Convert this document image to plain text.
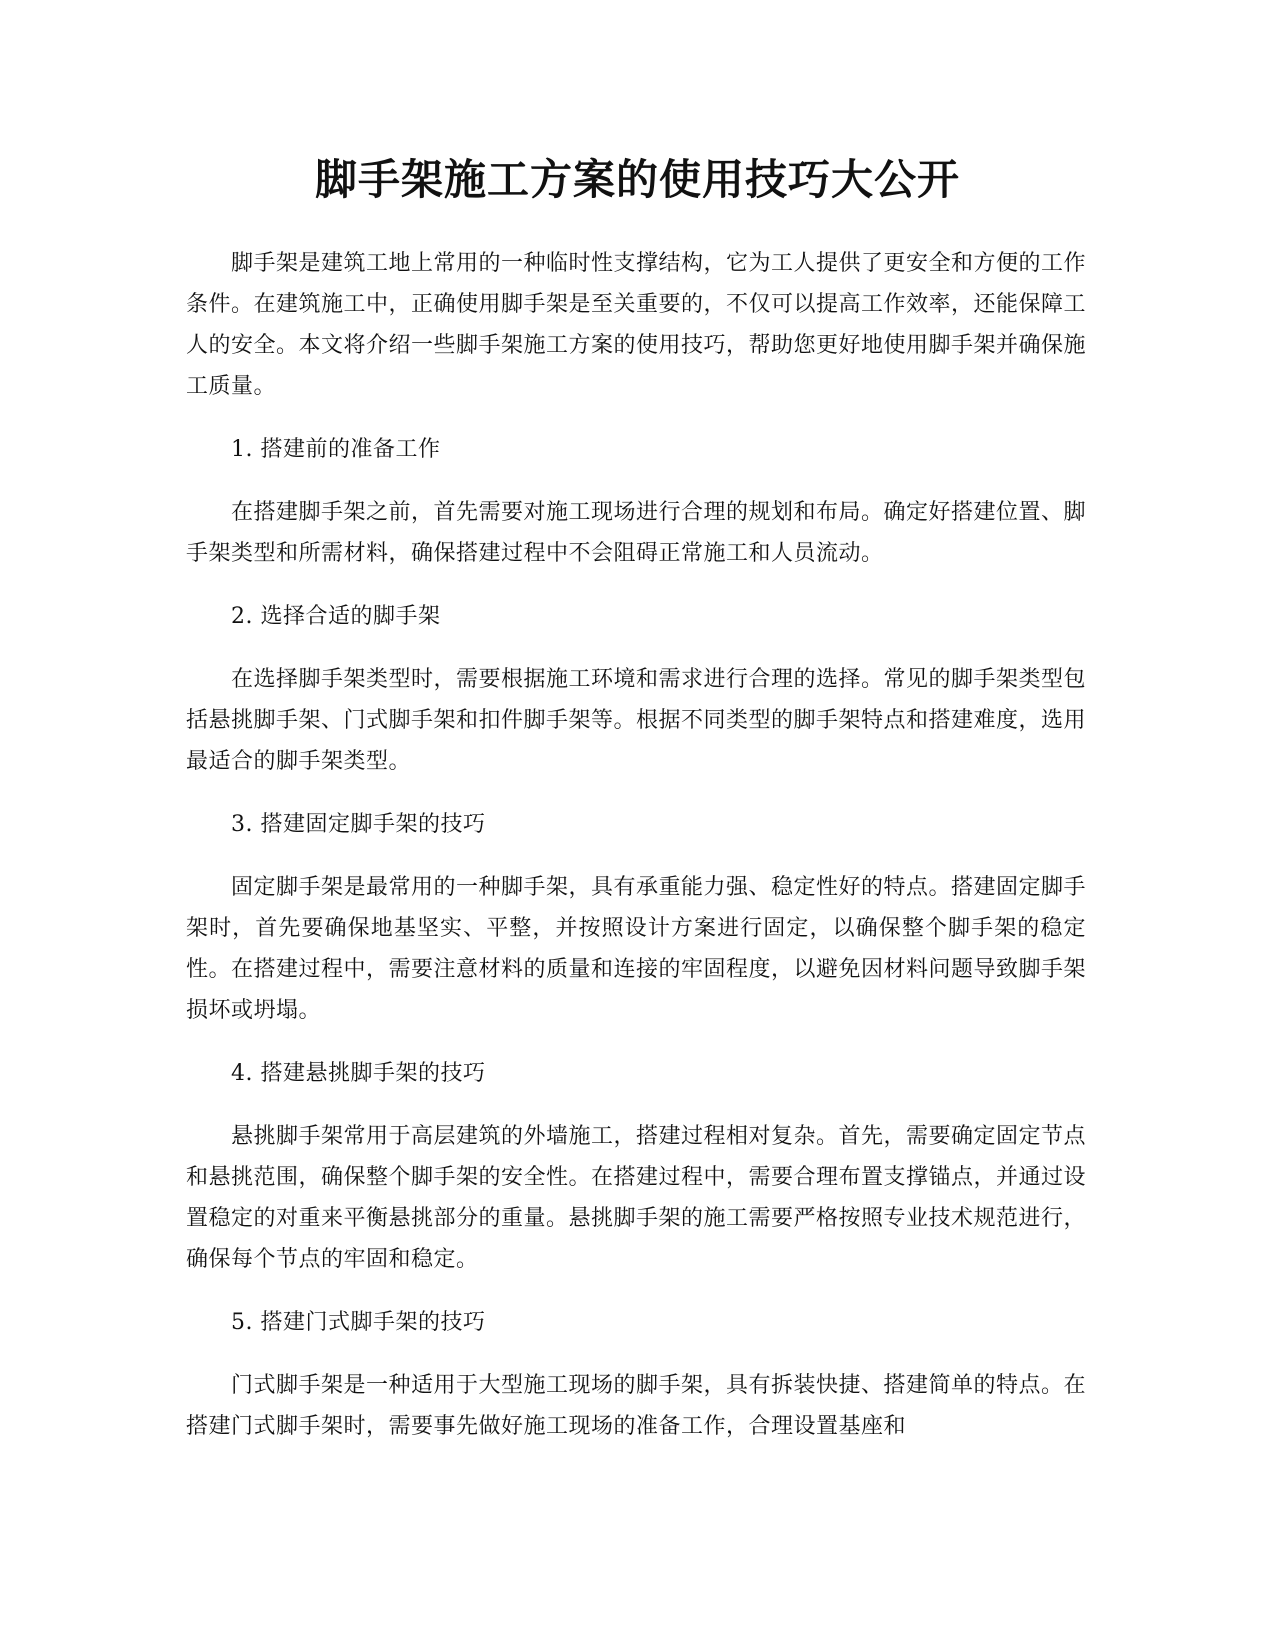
脚手架施工方案的使用技巧大公开

脚手架是建筑工地上常用的一种临时性支撑结构，它为工人提供了更安全和方便的工作条件。在建筑施工中，正确使用脚手架是至关重要的，不仅可以提高工作效率，还能保障工人的安全。本文将介绍一些脚手架施工方案的使用技巧，帮助您更好地使用脚手架并确保施工质量。

1. 搭建前的准备工作

在搭建脚手架之前，首先需要对施工现场进行合理的规划和布局。确定好搭建位置、脚手架类型和所需材料，确保搭建过程中不会阻碍正常施工和人员流动。

2. 选择合适的脚手架

在选择脚手架类型时，需要根据施工环境和需求进行合理的选择。常见的脚手架类型包括悬挑脚手架、门式脚手架和扣件脚手架等。根据不同类型的脚手架特点和搭建难度，选用最适合的脚手架类型。

3. 搭建固定脚手架的技巧

固定脚手架是最常用的一种脚手架，具有承重能力强、稳定性好的特点。搭建固定脚手架时，首先要确保地基坚实、平整，并按照设计方案进行固定，以确保整个脚手架的稳定性。在搭建过程中，需要注意材料的质量和连接的牢固程度，以避免因材料问题导致脚手架损坏或坍塌。

4. 搭建悬挑脚手架的技巧

悬挑脚手架常用于高层建筑的外墙施工，搭建过程相对复杂。首先，需要确定固定节点和悬挑范围，确保整个脚手架的安全性。在搭建过程中，需要合理布置支撑锚点，并通过设置稳定的对重来平衡悬挑部分的重量。悬挑脚手架的施工需要严格按照专业技术规范进行，确保每个节点的牢固和稳定。

5. 搭建门式脚手架的技巧

门式脚手架是一种适用于大型施工现场的脚手架，具有拆装快捷、搭建简单的特点。在搭建门式脚手架时，需要事先做好施工现场的准备工作，合理设置基座和
